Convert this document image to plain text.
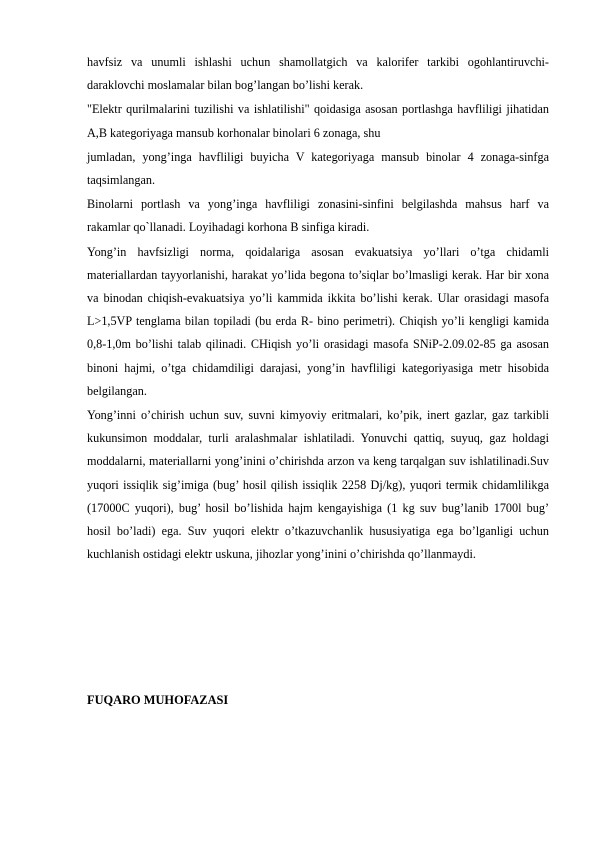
havfsiz va unumli ishlashi uchun shamollatgich va kalorifer tarkibi ogohlantiruvchi-daraklovchi moslamalar bilan bog’langan bo’lishi kerak.

"Elektr qurilmalarini tuzilishi va ishlatilishi" qoidasiga asosan portlashga havfliligi jihatidan A,B kategoriyaga mansub korhonalar binolari 6 zonaga, shu

jumladan, yong’inga havfliligi buyicha V kategoriyaga mansub binolar 4 zonaga-sinfga taqsimlangan.

Binolarni portlash va yong’inga havfliligi zonasini-sinfini belgilashda mahsus harf va rakamlar qo`llanadi. Loyihadagi korhona B sinfiga kiradi.

Yong’in havfsizligi norma, qoidalariga asosan evakuatsiya yo’llari o’tga chidamli materiallardan tayyorlanishi, harakat yo’lida begona to’siqlar bo’lmasligi kerak. Har bir xona va binodan chiqish-evakuatsiya yo’li kammida ikkita bo’lishi kerak. Ular orasidagi masofa L>1,5VP tenglama bilan topiladi (bu erda R- bino perimetri). Chiqish yo’li kengligi kamida 0,8-1,0m bo’lishi talab qilinadi. CHiqish yo’li orasidagi masofa SNiP-2.09.02-85 ga asosan binoni hajmi, o’tga chidamdiligi darajasi, yong’in havfliligi kategoriyasiga metr hisobida belgilangan.

Yong’inni o’chirish uchun suv, suvni kimyoviy eritmalari, ko’pik, inert gazlar, gaz tarkibli kukunsimon moddalar, turli aralashmalar ishlatiladi. Yonuvchi qattiq, suyuq, gaz holdagi moddalarni, materiallarni yong’inini o’chirishda arzon va keng tarqalgan suv ishlatilinadi.Suv yuqori issiqlik sig’imiga (bug’ hosil qilish issiqlik 2258 Dj/kg), yuqori termik chidamlilikga (17000C yuqori), bug’ hosil bo’lishida hajm kengayishiga (1 kg suv bug’lanib 1700l bug’ hosil bo’ladi) ega. Suv yuqori elektr o’tkazuvchanlik hususiyatiga ega bo’lganligi uchun kuchlanish ostidagi elektr uskuna, jihozlar yong’inini o’chirishda qo’llanmaydi.

FUQARO MUHOFAZASI
